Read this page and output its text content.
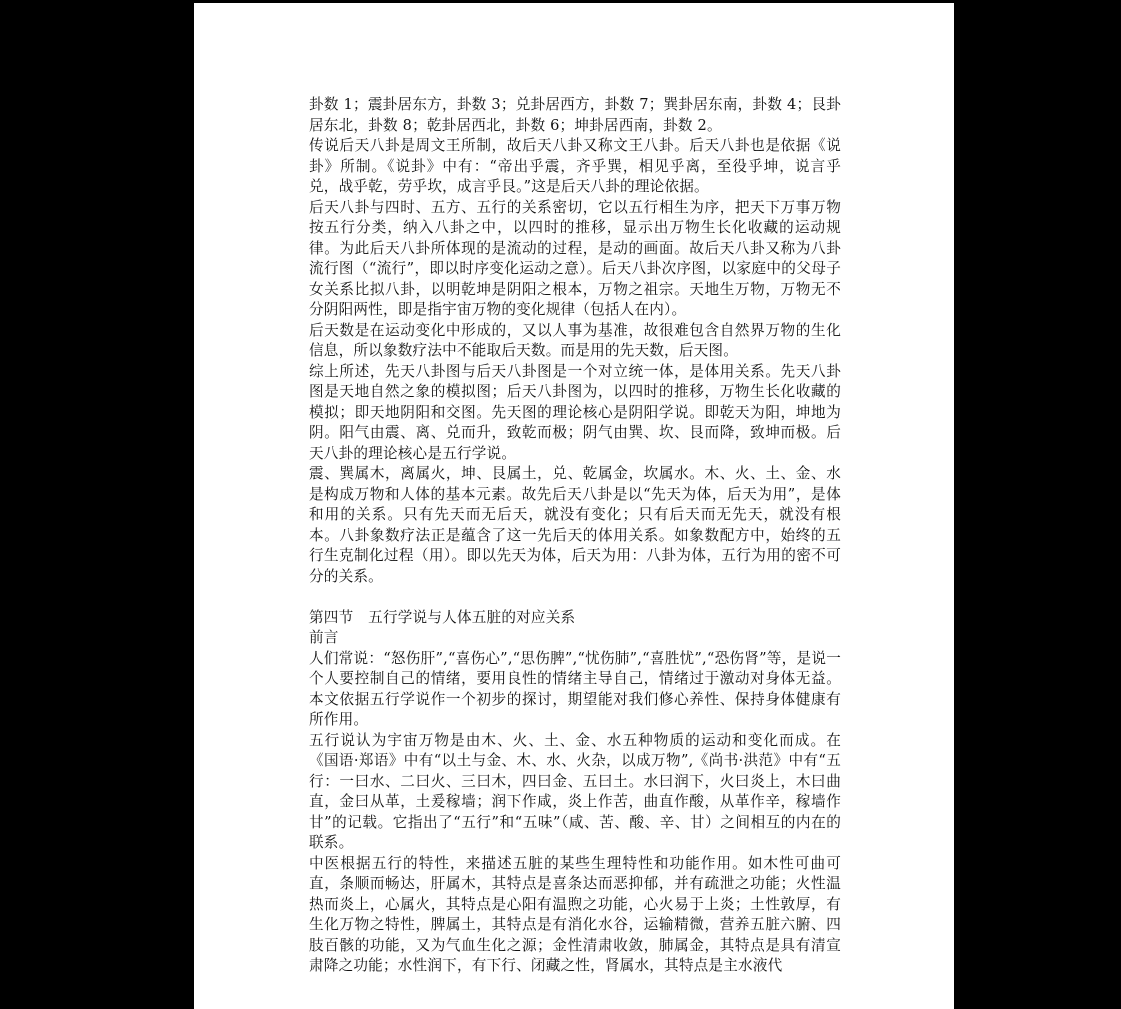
卦数 1；震卦居东方，卦数 3；兑卦居西方，卦数 7；巽卦居东南，卦数 4；艮卦居东北，卦数 8；乾卦居西北，卦数 6；坤卦居西南，卦数 2。

传说后天八卦是周文王所制，故后天八卦又称文王八卦。后天八卦也是依据《说卦》所制。《说卦》中有：“帝出乎震，齐乎巽，相见乎离，至役乎坤，说言乎兑，战乎乾，劳乎坎，成言乎艮。”这是后天八卦的理论依据。

后天八卦与四时、五方、五行的关系密切，它以五行相生为序，把天下万事万物按五行分类，纳入八卦之中，以四时的推移，显示出万物生长化收藏的运动规律。为此后天八卦所体现的是流动的过程，是动的画面。故后天八卦又称为八卦流行图（“流行”，即以时序变化运动之意）。后天八卦次序图，以家庭中的父母子女关系比拟八卦，以明乾坤是阴阳之根本，万物之祖宗。天地生万物，万物无不分阴阳两性，即是指宇宙万物的变化规律（包括人在内）。

后天数是在运动变化中形成的，又以人事为基准，故很难包含自然界万物的生化信息，所以象数疗法中不能取后天数。而是用的先天数，后天图。

综上所述，先天八卦图与后天八卦图是一个对立统一体，是体用关系。先天八卦图是天地自然之象的模拟图；后天八卦图为，以四时的推移，万物生长化收藏的模拟；即天地阴阳和交图。先天图的理论核心是阴阳学说。即乾天为阳，坤地为阴。阳气由震、离、兑而升，致乾而极；阴气由巽、坎、艮而降，致坤而极。后天八卦的理论核心是五行学说。

震、巽属木，离属火，坤、艮属土，兑、乾属金，坎属水。木、火、土、金、水是构成万物和人体的基本元素。故先后天八卦是以“先天为体，后天为用”，是体和用的关系。只有先天而无后天，就没有变化；只有后天而无先天，就没有根本。八卦象数疗法正是蕴含了这一先后天的体用关系。如象数配方中，始终的五行生克制化过程（用）。即以先天为体，后天为用：八卦为体，五行为用的密不可分的关系。

第四节　五行学说与人体五脏的对应关系

前言

人们常说：“怒伤肝”,“喜伤心”,“思伤脾”,“忧伤肺”,“喜胜忧”,“恐伤肾”等，是说一个人要控制自己的情绪，要用良性的情绪主导自己，情绪过于激动对身体无益。本文依据五行学说作一个初步的探讨，期望能对我们修心养性、保持身体健康有所作用。

五行说认为宇宙万物是由木、火、土、金、水五种物质的运动和变化而成。在《国语·郑语》中有“以土与金、木、水、火杂，以成万物”,《尚书·洪范》中有“五行：一曰水、二曰火、三曰木，四曰金、五曰土。水曰润下，火曰炎上，木曰曲直，金曰从革，土爰稼墙；润下作咸，炎上作苦，曲直作酸，从革作辛，稼墙作甘”的记载。它指出了“五行”和“五味”（咸、苦、酸、辛、甘）之间相互的内在的联系。

中医根据五行的特性，来描述五脏的某些生理特性和功能作用。如木性可曲可直，条顺而畅达，肝属木，其特点是喜条达而恶抑郁，并有疏泄之功能；火性温热而炎上，心属火，其特点是心阳有温煦之功能，心火易于上炎；土性敦厚，有生化万物之特性，脾属土，其特点是有消化水谷，运输精微，营养五脏六腑、四肢百骸的功能，又为气血生化之源；金性清肃收敛，肺属金，其特点是具有清宣肃降之功能；水性润下，有下行、闭藏之性，肾属水，其特点是主水液代
